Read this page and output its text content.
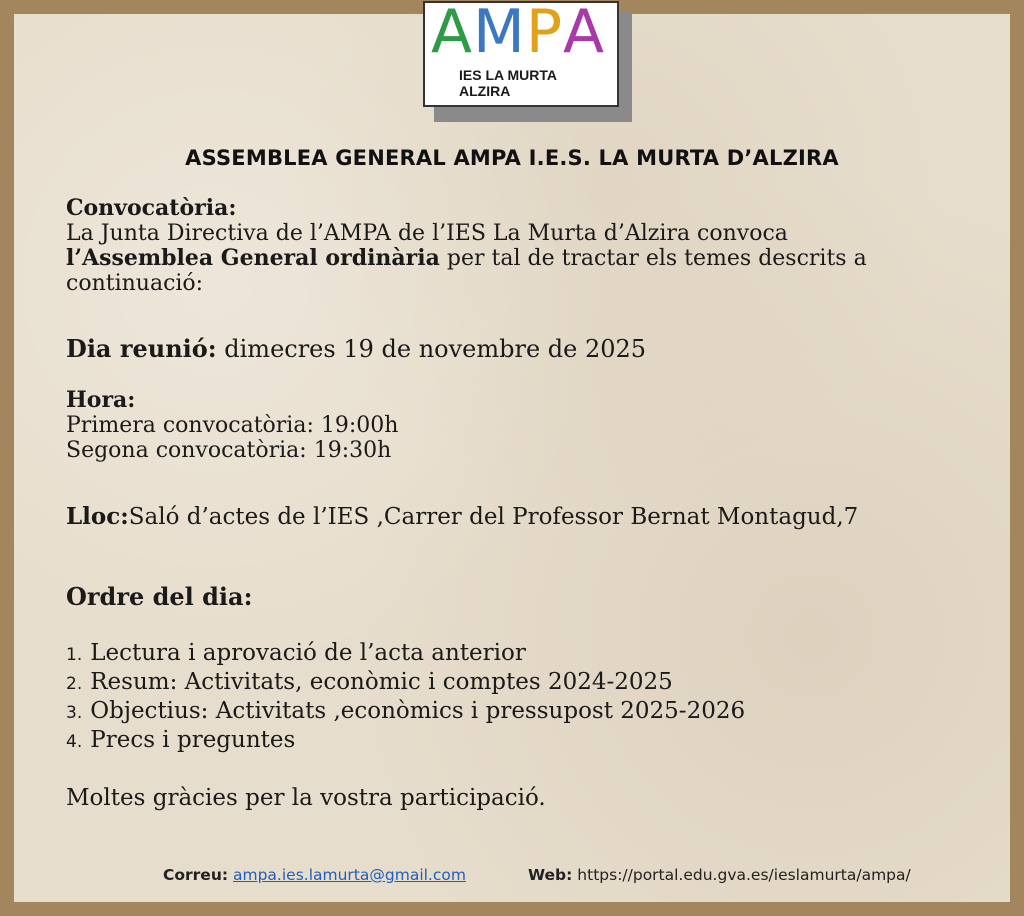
AMPA
IES LA MURTA
ALZIRA
ASSEMBLEA GENERAL AMPA I.E.S. LA MURTA D’ALZIRA
Convocatòria:
La Junta Directiva de l’AMPA de l’IES La Murta d’Alzira convoca
l’Assemblea General ordinària per tal de tractar els temes descrits a
continuació:
Dia reunió: dimecres 19 de novembre de 2025
Hora:
Primera convocatòria: 19:00h
Segona convocatòria: 19:30h
Lloc:Saló d’actes de l’IES ,Carrer del Professor Bernat Montagud,7
Ordre del dia:
1. Lectura i aprovació de l’acta anterior
2. Resum: Activitats, econòmic i comptes 2024-2025
3. Objectius: Activitats ,econòmics i pressupost 2025-2026
4. Precs i preguntes
Moltes gràcies per la vostra participació.
Correu: ampa.ies.lamurta@gmail.com	Web: https://portal.edu.gva.es/ieslamurta/ampa/
